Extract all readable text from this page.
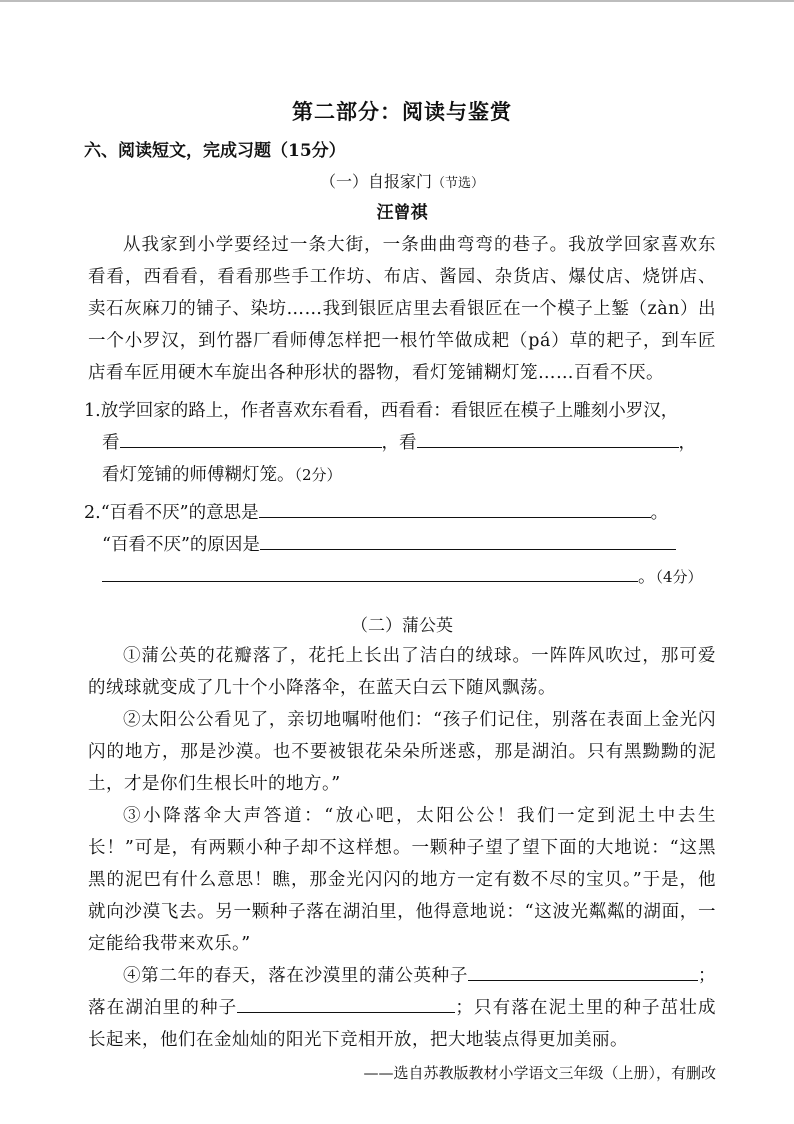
第二部分：阅读与鉴赏
六、阅读短文，完成习题（15分）
（一）自报家门（节选）
汪曾祺

从我家到小学要经过一条大街，一条曲曲弯弯的巷子。我放学回家喜欢东看看，西看看，看看那些手工作坊、布店、酱园、杂货店、爆仗店、烧饼店、卖石灰麻刀的铺子、染坊……我到银匠店里去看银匠在一个模子上錾（zàn）出一个小罗汉，到竹器厂看师傅怎样把一根竹竿做成耙（pá）草的耙子，到车匠店看车匠用硬木车旋出各种形状的器物，看灯笼铺糊灯笼……百看不厌。

1.放学回家的路上，作者喜欢东看看，西看看：看银匠在模子上雕刻小罗汉，
看	，看	，
看灯笼铺的师傅糊灯笼。（2分）
2.“百看不厌”的意思是	。
“百看不厌”的原因是
。（4分）
（二）蒲公英

①蒲公英的花瓣落了，花托上长出了洁白的绒球。一阵阵风吹过，那可爱的绒球就变成了几十个小降落伞，在蓝天白云下随风飘荡。

②太阳公公看见了，亲切地嘱咐他们：“孩子们记住，别落在表面上金光闪闪的地方，那是沙漠。也不要被银花朵朵所迷惑，那是湖泊。只有黑黝黝的泥土，才是你们生根长叶的地方。”

③小降落伞大声答道：“放心吧，太阳公公！我们一定到泥土中去生长！”可是，有两颗小种子却不这样想。一颗种子望了望下面的大地说：“这黑黑的泥巴有什么意思！瞧，那金光闪闪的地方一定有数不尽的宝贝。”于是，他就向沙漠飞去。另一颗种子落在湖泊里，他得意地说：“这波光粼粼的湖面，一定能给我带来欢乐。”

④第二年的春天，落在沙漠里的蒲公英种子	；落在湖泊里的种子	；只有落在泥土里的种子茁壮成长起来，他们在金灿灿的阳光下竞相开放，把大地装点得更加美丽。

——选自苏教版教材小学语文三年级（上册），有删改
